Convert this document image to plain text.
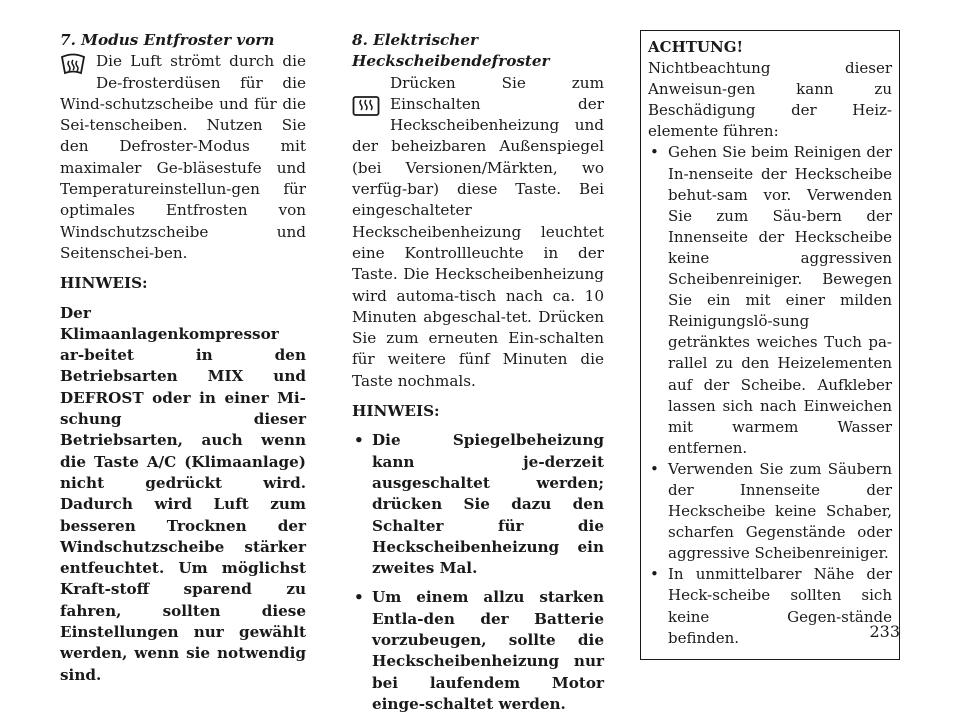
7. Modus Entfroster vorn

Die Luft strömt durch die De-frosterdüsen für die Wind-schutzscheibe und für die Sei-tenscheiben. Nutzen Sie den Defroster-Modus mit maximaler Ge-bläsestufe und Temperatureinstellun-gen für optimales Entfrosten von Windschutzscheibe und Seitenschei-ben.

HINWEIS:

Der Klimaanlagenkompressor ar-beitet in den Betriebsarten MIX und DEFROST oder in einer Mi-schung dieser Betriebsarten, auch wenn die Taste A/C (Klimaanlage) nicht gedrückt wird. Dadurch wird Luft zum besseren Trocknen der Windschutzscheibe stärker entfeuchtet. Um möglichst Kraft-stoff sparend zu fahren, sollten diese Einstellungen nur gewählt werden, wenn sie notwendig sind.

8. Elektrischer

Heckscheibendefroster

Drücken Sie zum Einschalten der Heckscheibenheizung und der beheizbaren Außenspiegel (bei Versionen/Märkten, wo verfüg-bar) diese Taste. Bei eingeschalteter Heckscheibenheizung leuchtet eine Kontrollleuchte in der Taste. Die Heckscheibenheizung wird automa-tisch nach ca. 10 Minuten abgeschal-tet. Drücken Sie zum erneuten Ein-schalten für weitere fünf Minuten die Taste nochmals.

HINWEIS:

• Die Spiegelbeheizung kann je-derzeit ausgeschaltet werden; drücken Sie dazu den Schalter für die Heckscheibenheizung ein zweites Mal.
• Um einem allzu starken Entla-den der Batterie vorzubeugen, sollte die Heckscheibenheizung nur bei laufendem Motor einge-schaltet werden.

ACHTUNG!

Nichtbeachtung dieser Anweisun-gen kann zu Beschädigung der Heiz-elemente führen:

• Gehen Sie beim Reinigen der In-nenseite der Heckscheibe behut-sam vor. Verwenden Sie zum Säu-bern der Innenseite der Heckscheibe keine aggressiven Scheibenreiniger. Bewegen Sie ein mit einer milden Reinigungslö-sung getränktes weiches Tuch pa-rallel zu den Heizelementen auf der Scheibe. Aufkleber lassen sich nach Einweichen mit warmem Wasser entfernen.
• Verwenden Sie zum Säubern der Innenseite der Heckscheibe keine Schaber, scharfen Gegenstände oder aggressive Scheibenreiniger.
• In unmittelbarer Nähe der Heck-scheibe sollten sich keine Gegen-stände befinden.	233
